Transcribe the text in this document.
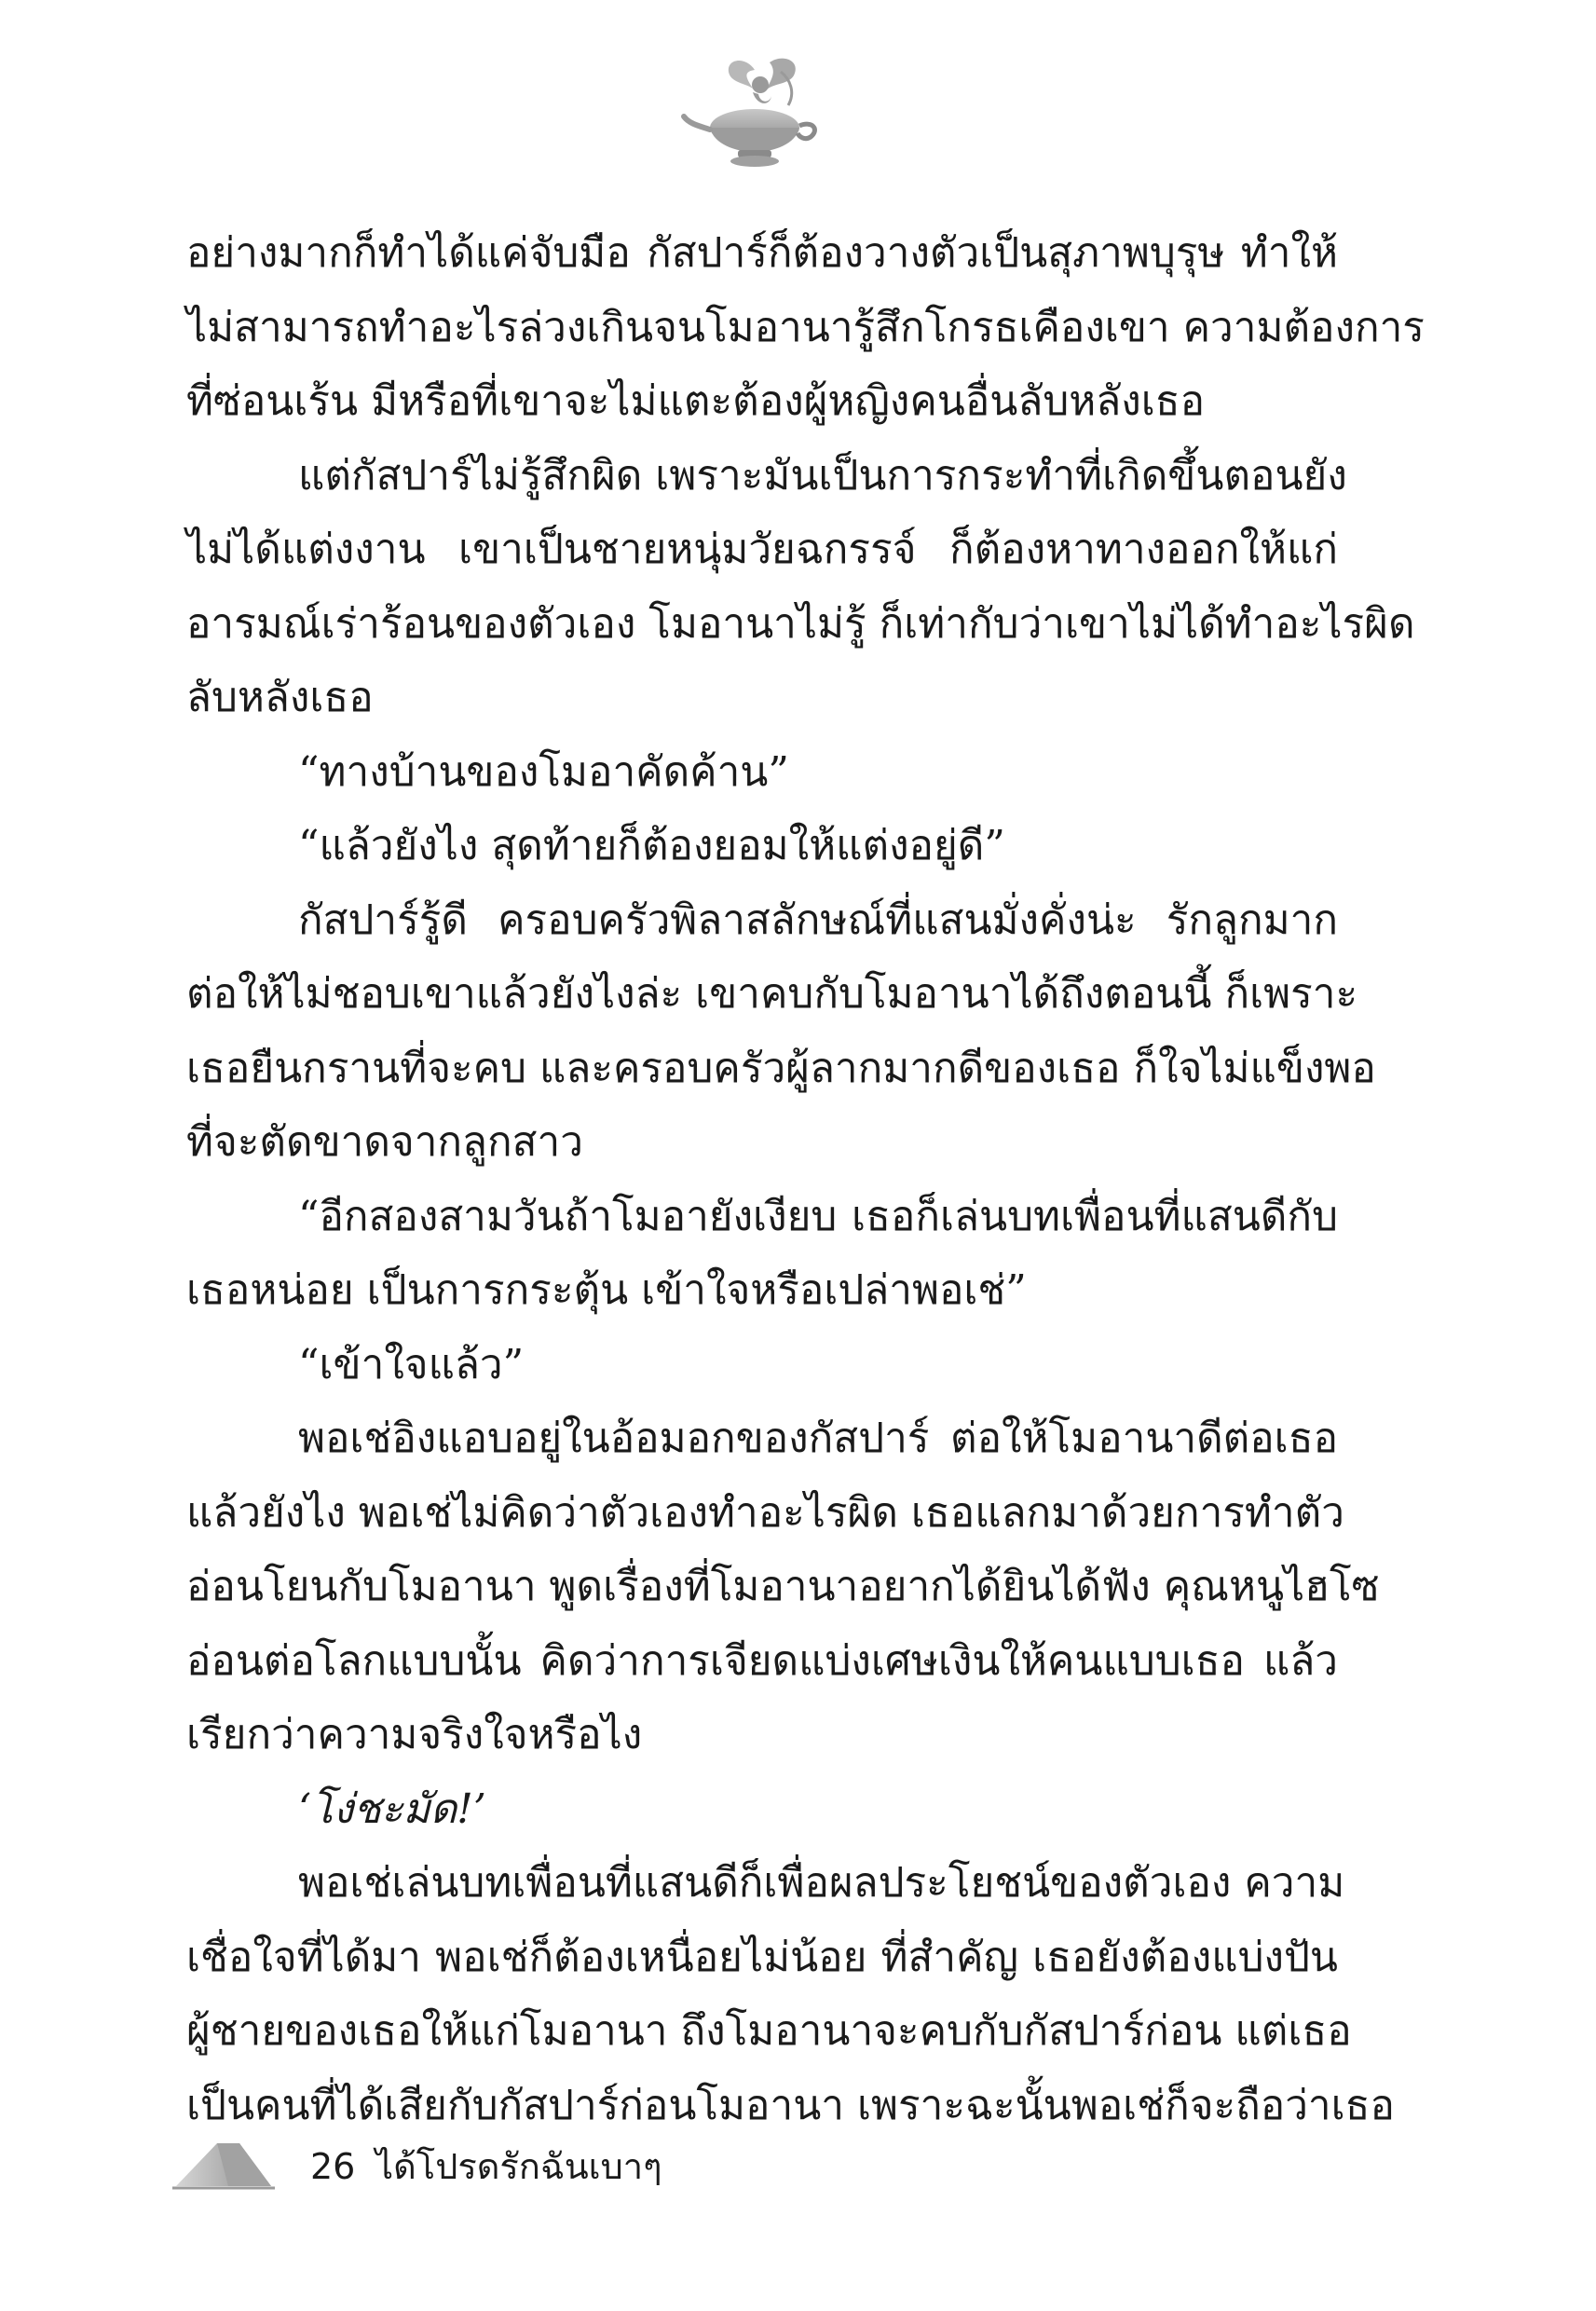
อย่างมากก็ทำได้แค่จับมือ กัสปาร์ก็ต้องวางตัวเป็นสุภาพบุรุษ ทำให้
ไม่สามารถทำอะไรล่วงเกินจนโมอานารู้สึกโกรธเคืองเขา ความต้องการ
ที่ซ่อนเร้น มีหรือที่เขาจะไม่แตะต้องผู้หญิงคนอื่นลับหลังเธอ
แต่กัสปาร์ไม่รู้สึกผิด เพราะมันเป็นการกระทำที่เกิดขึ้นตอนยัง
ไม่ได้แต่งงาน เขาเป็นชายหนุ่มวัยฉกรรจ์ ก็ต้องหาทางออกให้แก่
อารมณ์เร่าร้อนของตัวเอง โมอานาไม่รู้ ก็เท่ากับว่าเขาไม่ได้ทำอะไรผิด
ลับหลังเธอ
“ทางบ้านของโมอาคัดค้าน”
“แล้วยังไง สุดท้ายก็ต้องยอมให้แต่งอยู่ดี”
กัสปาร์รู้ดี ครอบครัวพิลาสลักษณ์ที่แสนมั่งคั่งน่ะ รักลูกมาก
ต่อให้ไม่ชอบเขาแล้วยังไงล่ะ เขาคบกับโมอานาได้ถึงตอนนี้ ก็เพราะ
เธอยืนกรานที่จะคบ และครอบครัวผู้ลากมากดีของเธอ ก็ใจไม่แข็งพอ
ที่จะตัดขาดจากลูกสาว
“อีกสองสามวันถ้าโมอายังเงียบ เธอก็เล่นบทเพื่อนที่แสนดีกับ
เธอหน่อย เป็นการกระตุ้น เข้าใจหรือเปล่าพอเช่”
“เข้าใจแล้ว”
พอเช่อิงแอบอยู่ในอ้อมอกของกัสปาร์ ต่อให้โมอานาดีต่อเธอ
แล้วยังไง พอเช่ไม่คิดว่าตัวเองทำอะไรผิด เธอแลกมาด้วยการทำตัว
อ่อนโยนกับโมอานา พูดเรื่องที่โมอานาอยากได้ยินได้ฟัง คุณหนูไฮโซ
อ่อนต่อโลกแบบนั้น คิดว่าการเจียดแบ่งเศษเงินให้คนแบบเธอ แล้ว
เรียกว่าความจริงใจหรือไง
‘โง่ชะมัด!’
พอเช่เล่นบทเพื่อนที่แสนดีก็เพื่อผลประโยชน์ของตัวเอง ความ
เชื่อใจที่ได้มา พอเช่ก็ต้องเหนื่อยไม่น้อย ที่สำคัญ เธอยังต้องแบ่งปัน
ผู้ชายของเธอให้แก่โมอานา ถึงโมอานาจะคบกับกัสปาร์ก่อน แต่เธอ
เป็นคนที่ได้เสียกับกัสปาร์ก่อนโมอานา เพราะฉะนั้นพอเช่ก็จะถือว่าเธอ
26 ได้โปรดรักฉันเบาๆ
